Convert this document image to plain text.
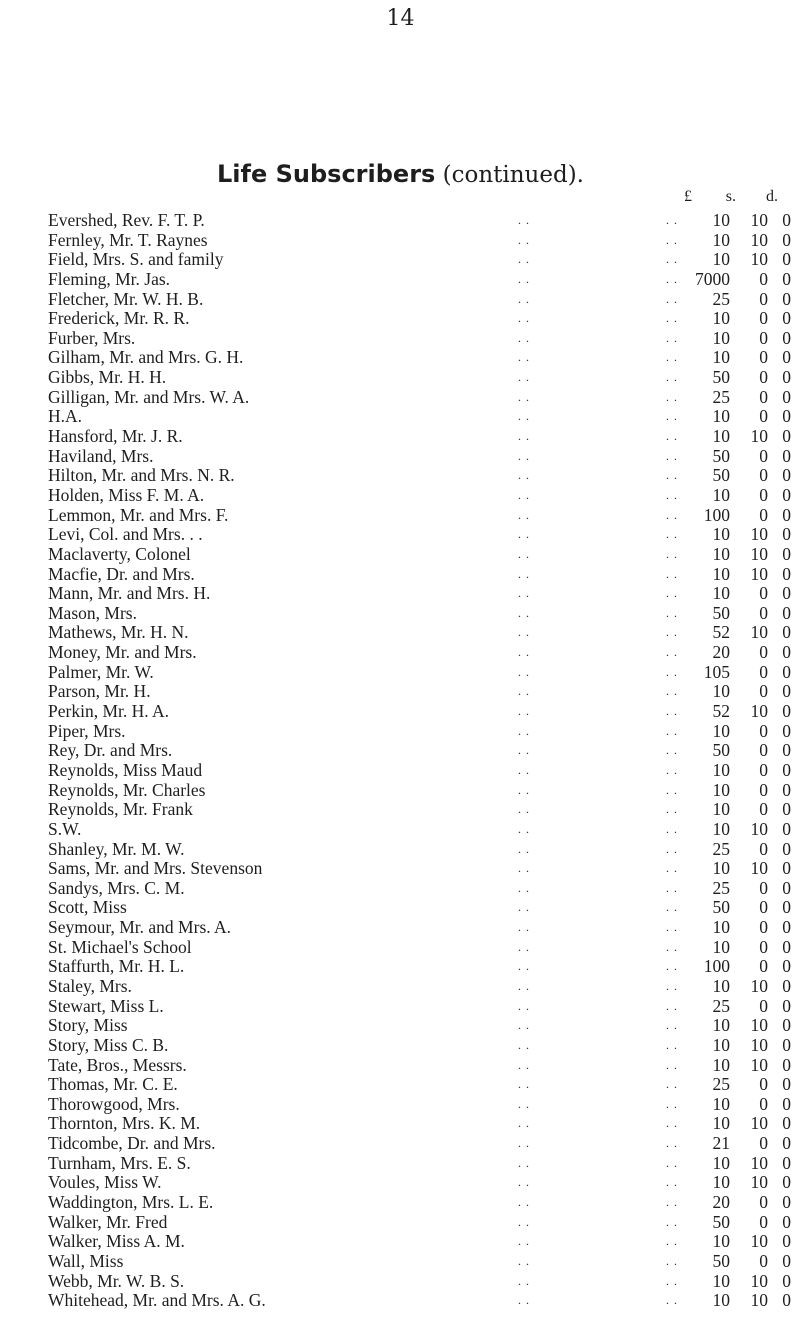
14
Life Subscribers (continued).
£	s.	d.
Evershed, Rev. F. T. P.	. .	. .	10	10 0
Fernley, Mr. T. Raynes	. .	. .	10	10 0
Field, Mrs. S. and family	. .	. .	10	10 0
Fleming, Mr. Jas.	. .	. . 7000	0 0
Fletcher, Mr. W. H. B.	. .	. .	25	0 0
Frederick, Mr. R. R.	. .	. .	10	0 0
Furber, Mrs.	. .	. .	10	0 0
Gilham, Mr. and Mrs. G. H.	. .	. .	10	0 0
Gibbs, Mr. H. H.	. .	. .	50	0 0
Gilligan, Mr. and Mrs. W. A.	. .	. .	25	0 0
H.A.	. .	. .	10	0 0
Hansford, Mr. J. R.	. .	. .	10	10 0
Haviland, Mrs.	. .	. .	50	0 0
Hilton, Mr. and Mrs. N. R.	. .	. .	50	0 0
Holden, Miss F. M. A.	. .	. .	10	0 0
Lemmon, Mr. and Mrs. F.	. .	. .	100	0 0
Levi, Col. and Mrs. . .	. .	. .	10	10 0
Maclaverty, Colonel	. .	. .	10	10 0
Macfie, Dr. and Mrs.	. .	. .	10	10 0
Mann, Mr. and Mrs. H.	. .	. .	10	0 0
Mason, Mrs.	. .	. .	50	0 0
Mathews, Mr. H. N.	. .	. .	52	10 0
Money, Mr. and Mrs.	. .	. .	20	0 0
Palmer, Mr. W.	. .	. .	105	0 0
Parson, Mr. H.	. .	. .	10	0 0
Perkin, Mr. H. A.	. .	. .	52	10 0
Piper, Mrs.	. .	. .	10	0 0
Rey, Dr. and Mrs.	. .	. .	50	0 0
Reynolds, Miss Maud	. .	. .	10	0 0
Reynolds, Mr. Charles	. .	. .	10	0 0
Reynolds, Mr. Frank	. .	. .	10	0 0
S.W.	. .	. .	10	10 0
Shanley, Mr. M. W.	. .	. .	25	0 0
Sams, Mr. and Mrs. Stevenson	. .	. .	10	10 0
Sandys, Mrs. C. M.	. .	. .	25	0 0
Scott, Miss	. .	. .	50	0 0
Seymour, Mr. and Mrs. A.	. .	. .	10	0 0
St. Michael's School	. .	. .	10	0 0
Staffurth, Mr. H. L.	. .	. .	100	0 0
Staley, Mrs.	. .	. .	10	10 0
Stewart, Miss L.	. .	. .	25	0 0
Story, Miss	. .	. .	10	10 0
Story, Miss C. B.	. .	. .	10	10 0
Tate, Bros., Messrs.	. .	. .	10	10 0
Thomas, Mr. C. E.	. .	. .	25	0 0
Thorowgood, Mrs.	. .	. .	10	0 0
Thornton, Mrs. K. M.	. .	. .	10	10 0
Tidcombe, Dr. and Mrs.	. .	. .	21	0 0
Turnham, Mrs. E. S.	. .	. .	10	10 0
Voules, Miss W.	. .	. .	10	10 0
Waddington, Mrs. L. E.	. .	. .	20	0 0
Walker, Mr. Fred	. .	. .	50	0 0
Walker, Miss A. M.	. .	. .	10	10 0
Wall, Miss	. .	. .	50	0 0
Webb, Mr. W. B. S.	. .	. .	10	10 0
Whitehead, Mr. and Mrs. A. G.	. .	. .	10	10 0
